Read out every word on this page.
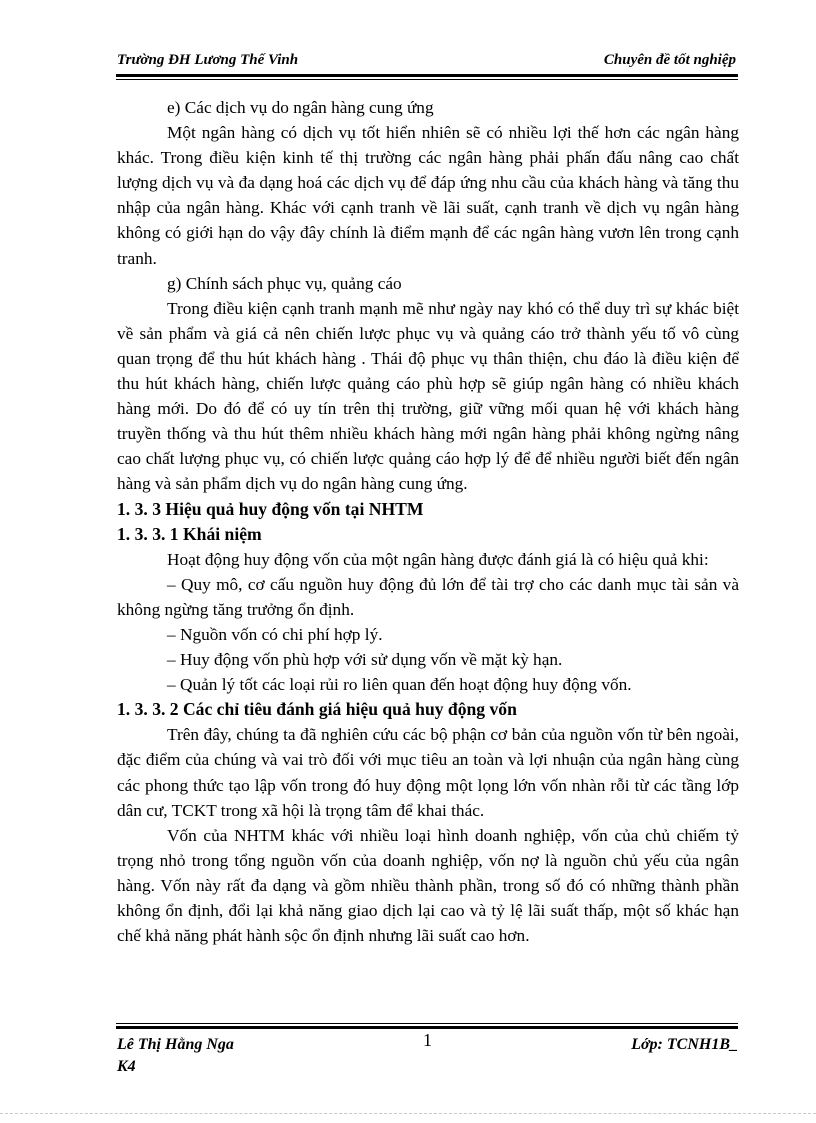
Trường ĐH Lương Thế Vinh	Chuyên đề tốt nghiệp

e) Các dịch vụ do ngân hàng cung ứng

Một ngân hàng có dịch vụ tốt hiển nhiên sẽ có nhiều lợi thế hơn các ngân hàng khác. Trong điều kiện kinh tế thị trường các ngân hàng phải phấn đấu nâng cao chất lượng dịch vụ và đa dạng hoá các dịch vụ để đáp ứng nhu cầu của khách hàng và tăng thu nhập của ngân hàng. Khác với cạnh tranh về lãi suất, cạnh tranh về dịch vụ ngân hàng không có giới hạn do vậy đây chính là điểm mạnh để các ngân hàng vươn lên trong cạnh tranh.

g) Chính sách phục vụ, quảng cáo

Trong điều kiện cạnh tranh mạnh mẽ như ngày nay khó có thể duy trì sự khác biệt về sản phẩm và giá cả nên chiến lược phục vụ và quảng cáo trở thành yếu tố vô cùng quan trọng để thu hút khách hàng . Thái độ phục vụ thân thiện, chu đáo là điều kiện để thu hút khách hàng, chiến lược quảng cáo phù hợp sẽ giúp ngân hàng có nhiều khách hàng mới. Do đó để có uy tín trên thị trường, giữ vững mối quan hệ với khách hàng truyền thống và thu hút thêm nhiều khách hàng mới ngân hàng phải không ngừng nâng cao chất lượng phục vụ, có chiến lược quảng cáo hợp lý để để nhiều người biết đến ngân hàng và sản phẩm dịch vụ do ngân hàng cung ứng.

1. 3. 3 Hiệu quả huy động vốn tại NHTM

1. 3. 3. 1 Khái niệm

Hoạt động huy động vốn của một ngân hàng được đánh giá là có hiệu quả khi:

– Quy mô, cơ cấu nguồn huy động đủ lớn để tài trợ cho các danh mục tài sản và không ngừng tăng trưởng ổn định.

– Nguồn vốn có chi phí hợp lý.

– Huy động vốn phù hợp với sử dụng vốn về mặt kỳ hạn.

– Quản lý tốt các loại rủi ro liên quan đến hoạt động huy động vốn.

1. 3. 3. 2 Các chỉ tiêu đánh giá hiệu quả huy động vốn

Trên đây, chúng ta đã nghiên cứu các bộ phận cơ bản của nguồn vốn từ bên ngoài, đặc điểm của chúng và vai trò đối với mục tiêu an toàn và lợi nhuận của ngân hàng cùng các phong thức tạo lập vốn trong đó huy động một lọng lớn vốn nhàn rỗi từ các tầng lớp dân cư, TCKT trong xã hội là trọng tâm để khai thác.

Vốn của NHTM khác với nhiều loại hình doanh nghiệp, vốn của chủ chiếm tỷ trọng nhỏ trong tổng nguồn vốn của doanh nghiệp, vốn nợ là nguồn chủ yếu của ngân hàng. Vốn này rất đa dạng và gồm nhiều thành phần, trong số đó có những thành phần không ổn định, đổi lại khả năng giao dịch lại cao và tỷ lệ lãi suất thấp, một số khác hạn chế khả năng phát hành sộc ổn định nhưng lãi suất cao hơn.

Lê Thị Hằng Nga	1	Lớp: TCNH1B_
K4
